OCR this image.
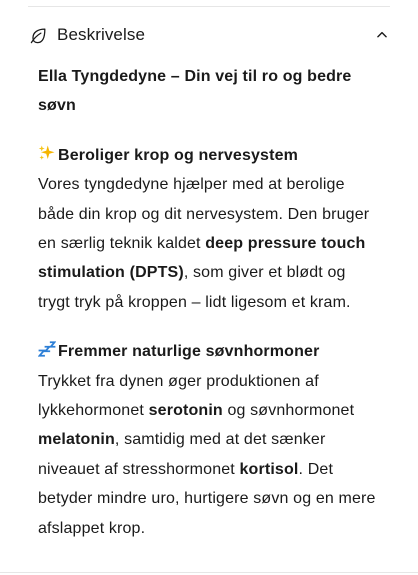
Beskrivelse

Ella Tyngdedyne – Din vej til ro og bedre søvn

Beroliger krop og nervesystem

Vores tyngdedyne hjælper med at berolige både din krop og dit nervesystem. Den bruger en særlig teknik kaldet deep pressure touch stimulation (DPTS), som giver et blødt og trygt tryk på kroppen – lidt ligesom et kram.

Fremmer naturlige søvnhormoner

Trykket fra dynen øger produktionen af lykkehormonet serotonin og søvnhormonet melatonin, samtidig med at det sænker niveauet af stresshormonet kortisol. Det betyder mindre uro, hurtigere søvn og en mere afslappet krop.
